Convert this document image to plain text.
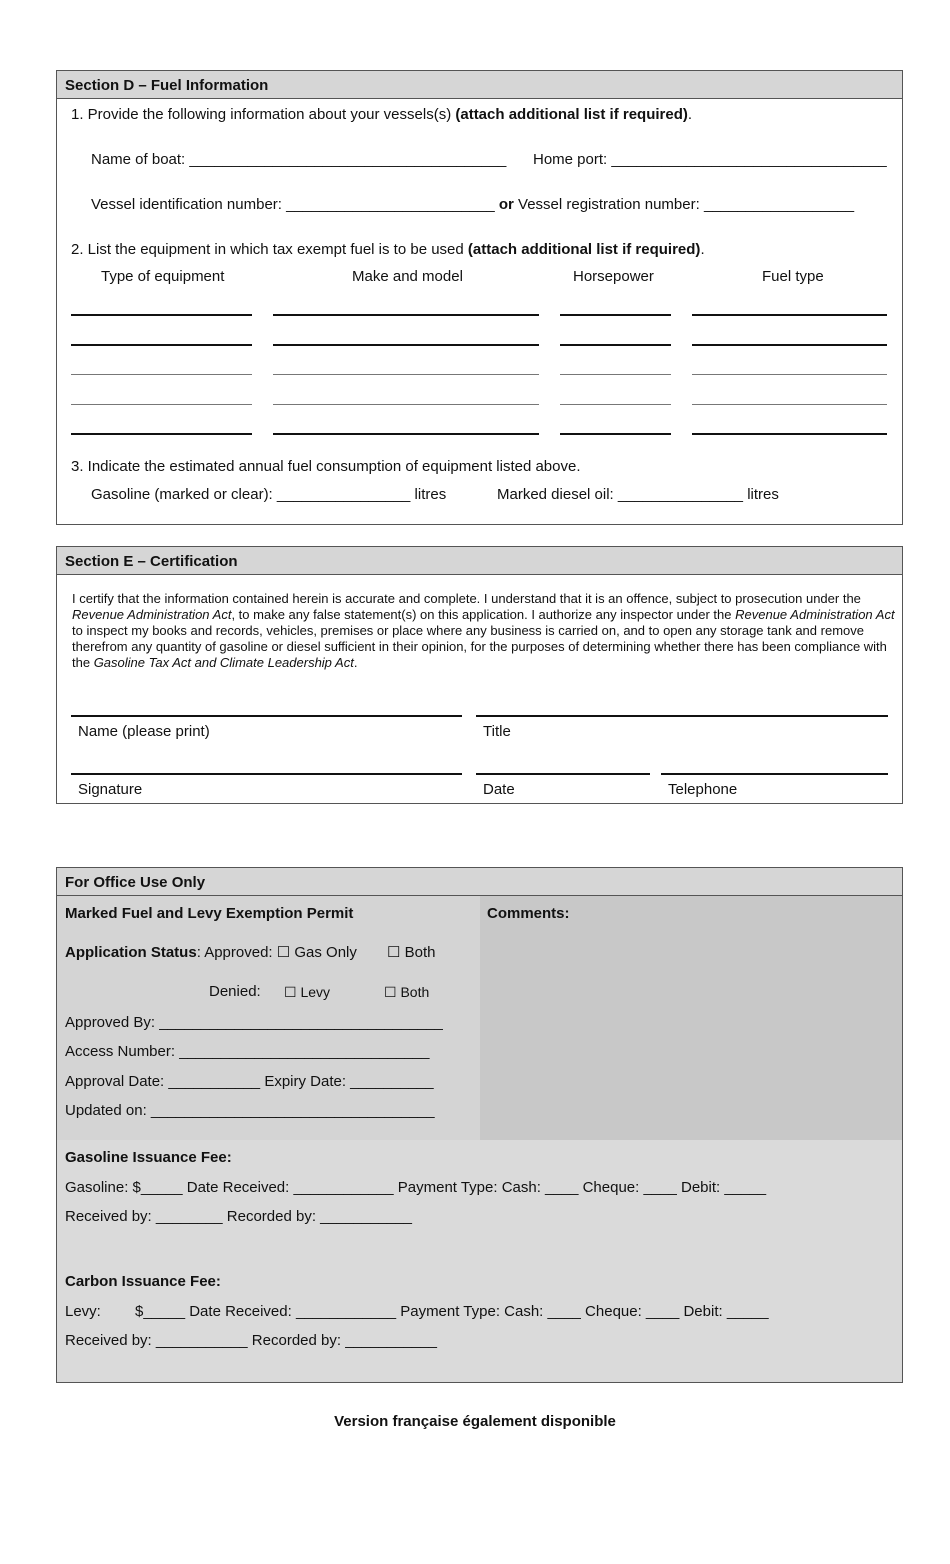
Section D – Fuel Information
1. Provide the following information about your vessels(s) (attach additional list if required).
Name of boat: ______________________________________ Home port: _________________________________
Vessel identification number: _________________________ or Vessel registration number: __________________
2. List the equipment in which tax exempt fuel is to be used (attach additional list if required).
Type of equipment	Make and model	Horsepower	Fuel type
3. Indicate the estimated annual fuel consumption of equipment listed above.
Gasoline (marked or clear): ________________ litres	Marked diesel oil: _______________ litres
Section E – Certification
I certify that the information contained herein is accurate and complete. I understand that it is an offence, subject to prosecution under the Revenue Administration Act, to make any false statement(s) on this application. I authorize any inspector under the Revenue Administration Act to inspect my books and records, vehicles, premises or place where any business is carried on, and to open any storage tank and remove therefrom any quantity of gasoline or diesel sufficient in their opinion, for the purposes of determining whether there has been compliance with the Gasoline Tax Act and Climate Leadership Act.
Name (please print)	Title
Signature	Date	Telephone
For Office Use Only
Marked Fuel and Levy Exemption Permit
Application Status: Approved: ☐ Gas Only ☐ Both
Denied: ☐ Levy	☐ Both
Approved By: __________________________________
Access Number: ______________________________
Approval Date: ___________ Expiry Date: __________
Updated on: __________________________________
Comments:
Gasoline Issuance Fee:
Gasoline: $_____ Date Received: ____________ Payment Type: Cash: ____ Cheque: ____ Debit: _____
Received by: ________ Recorded by: ___________
Carbon Issuance Fee:
Levy: $_____ Date Received: ____________ Payment Type: Cash: ____ Cheque: ____ Debit: _____
Received by: ___________ Recorded by: ___________
Version française également disponible
